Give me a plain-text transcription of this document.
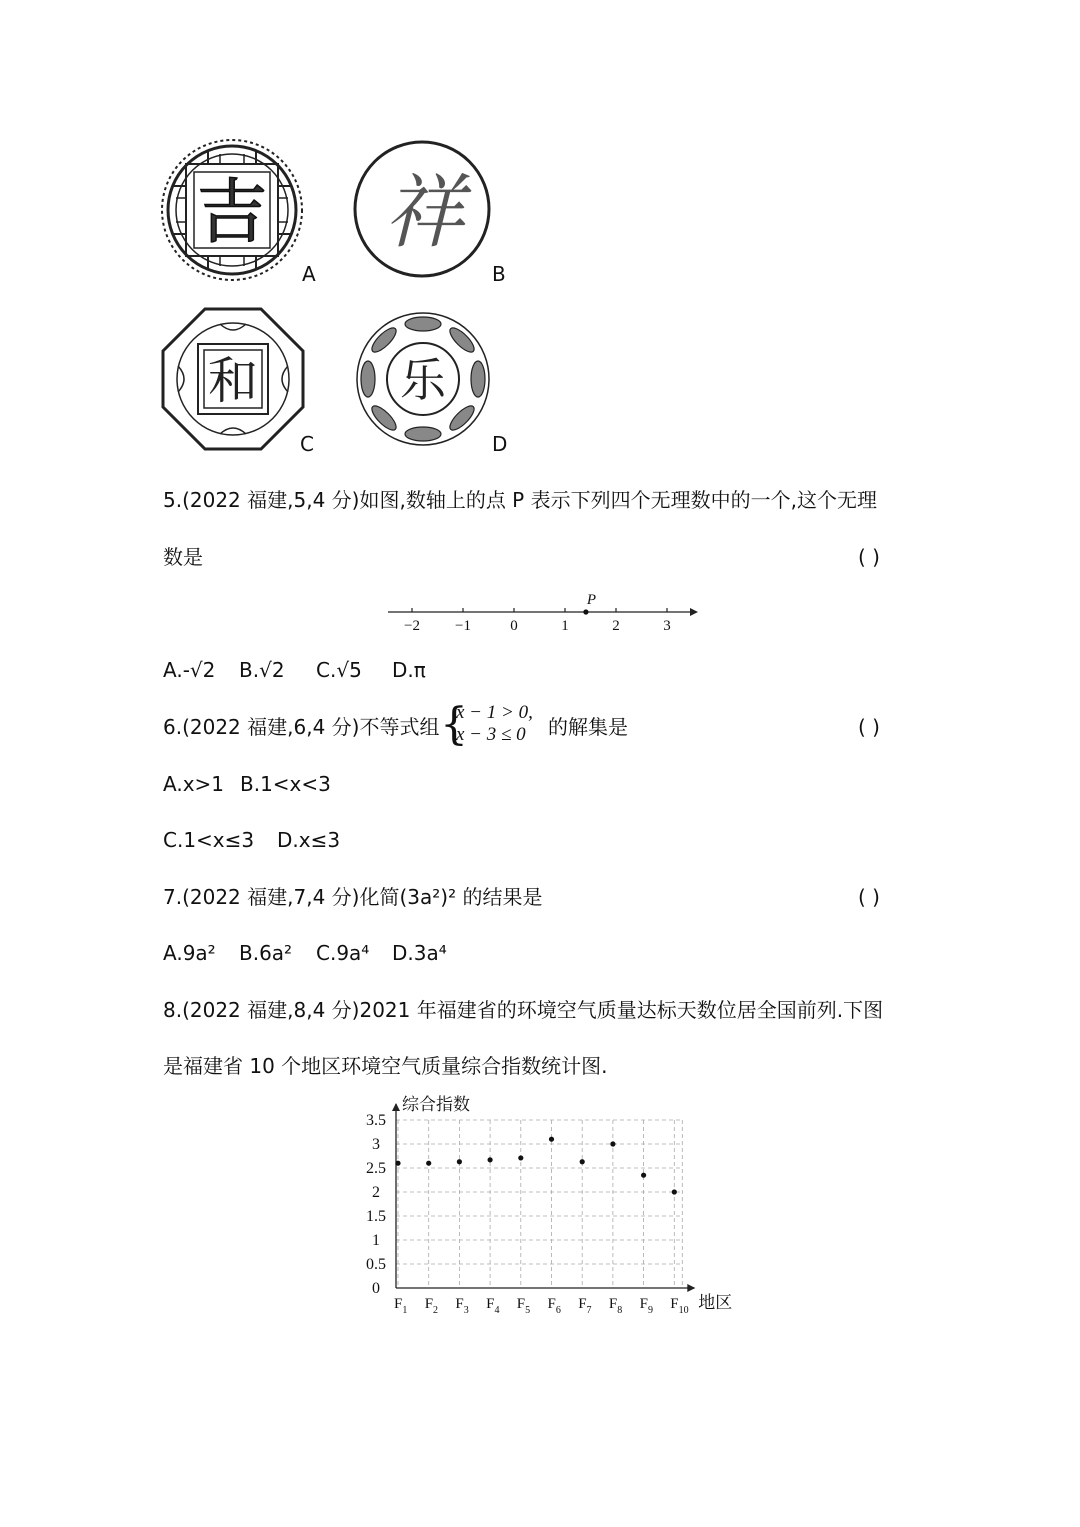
吉
A
祥
B
和
C
乐
D
5.(2022 福建,5,4 分)如图,数轴上的点 P 表示下列四个无理数中的一个,这个无理
数是	( )
−2 −1	0	1	2	3
P
A.-√2 B.√2 C.√5 D.π
6.(2022 福建,6,4 分)不等式组 {
x − 1 > 0,
x − 3 ≤ 0 的解集是	( )
A.x>1 B.1<x<3
C.1<x≤3 D.x≤3
7.(2022 福建,7,4 分)化简(3a²)² 的结果是	( )
A.9a² B.6a² C.9a⁴ D.3a⁴
8.(2022 福建,8,4 分)2021 年福建省的环境空气质量达标天数位居全国前列.下图
是福建省 10 个地区环境空气质量综合指数统计图.
0
0.5
1
1.5
2
2.5
3
3.5
$F_1$ $F_2$ $F_3$ $F_4$ $F_5$ $F_6$ $F_7$ $F_8$ $F_9$ $F_{10}$
综合指数
地区
